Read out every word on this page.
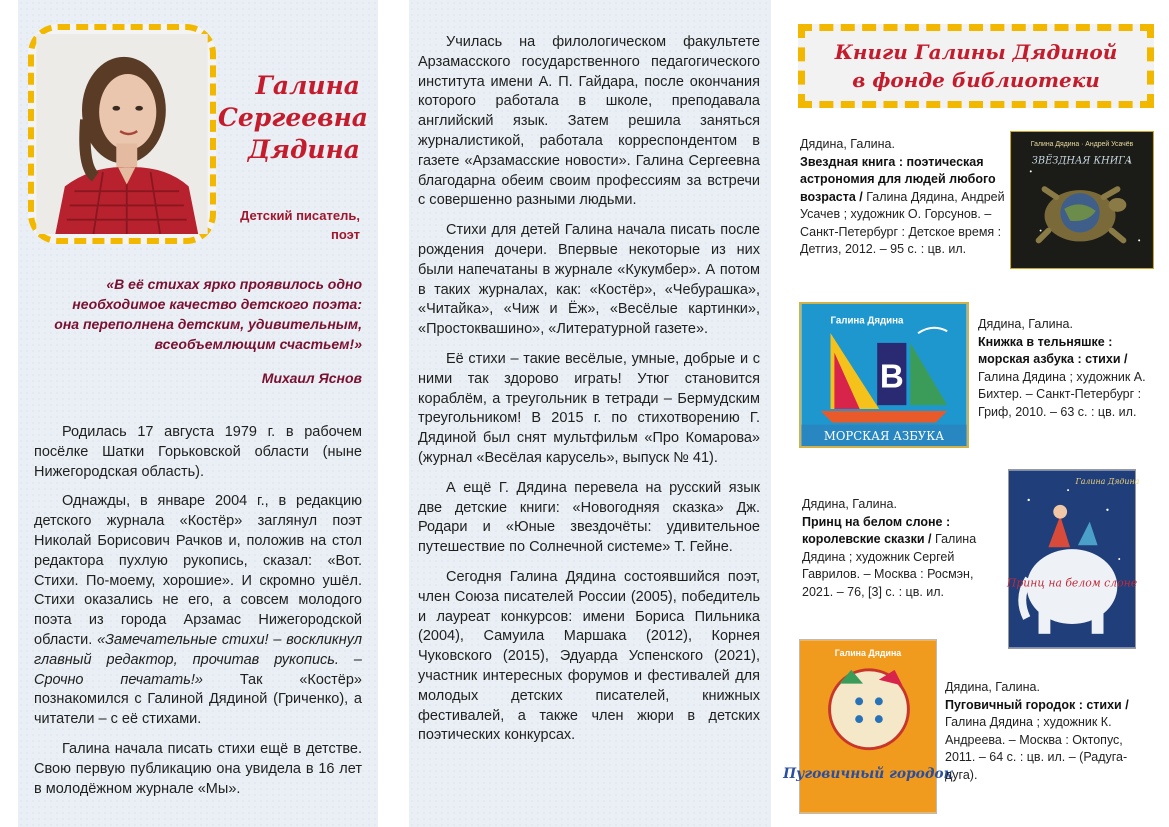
Галина
Сергеевна
Дядина
Детский писатель,
поэт
«В её стихах ярко проявилось одно
необходимое качество детского поэта:
она переполнена детским, удивительным,
всеобъемлющим счастьем!»
Михаил Яснов

Родилась 17 августа 1979 г. в рабочем посёлке Шатки Горьковской области (ныне Нижегородская область).

Однажды, в январе 2004 г., в редакцию детского журнала «Костёр» заглянул поэт Николай Борисович Рачков и, положив на стол редактора пухлую рукопись, сказал: «Вот. Стихи. По-моему, хорошие». И скромно ушёл. Стихи оказались не его, а совсем молодого поэта из города Арзамас Нижегородской области. «Замечательные стихи! – воскликнул главный редактор, прочитав рукопись. – Срочно печатать!» Так «Костёр» познакомился с Галиной Дядиной (Гриченко), а читатели – с её стихами.

Галина начала писать стихи ещё в детстве. Свою первую публикацию она увидела в 16 лет в молодёжном журнале «Мы».

Училась на филологическом факультете Арзамасского государственного педагогического института имени А. П. Гайдара, после окончания которого работала в школе, преподавала английский язык. Затем решила заняться журналистикой, работала корреспондентом в газете «Арзамасские новости». Галина Сергеевна благодарна обеим своим профессиям за встречи с совершенно разными людьми.

Стихи для детей Галина начала писать после рождения дочери. Впервые некоторые из них были напечатаны в журнале «Кукумбер». А потом в таких журналах, как: «Костёр», «Чебурашка», «Читайка», «Чиж и Ёж», «Весёлые картинки», «Простоквашино», «Литературной газете».

Её стихи – такие весёлые, умные, добрые и с ними так здорово играть! Утюг становится кораблём, а треугольник в тетради – Бермудским треугольником! В 2015 г. по стихотворению Г. Дядиной был снят мультфильм «Про Комарова» (журнал «Весёлая карусель», выпуск № 41).

А ещё Г. Дядина перевела на русский язык две детские книги: «Новогодняя сказка» Дж. Родари и «Юные звездочёты: удивительное путешествие по Солнечной системе» Т. Гейне.

Сегодня Галина Дядина состоявшийся поэт, член Союза писателей России (2005), победитель и лауреат конкурсов: имени Бориса Пильника (2004), Самуила Маршака (2012), Корнея Чуковского (2015), Эдуарда Успенского (2021), участник интересных форумов и фестивалей для молодых детских писателей, книжных фестивалей, а также член жюри в детских поэтических конкурсах.

Книги Галины Дядиной
в фонде библиотеки
Дядина, Галина.
Звездная книга : поэтическая астрономия для людей любого возраста / Галина Дядина, Андрей Усачев ; художник О. Горсунов. – Санкт-Петербург : Детское время : Детгиз, 2012. – 95 с. : цв. ил.
Галина Дядина · Андрей Усачёв
ЗВЁЗДНАЯ КНИГА
Галина Дядина
В
МОРСКАЯ АЗБУКА
Дядина, Галина.
Книжка в тельняшке : морская азбука : стихи / Галина Дядина ; художник А. Бихтер. – Санкт-Петербург : Гриф, 2010. – 63 с. : цв. ил.
Дядина, Галина.
Принц на белом слоне : королевские сказки / Галина Дядина ; художник Сергей Гаврилов. – Москва : Росмэн, 2021. – 76, [3] с. : цв. ил.
Галина Дядина
Принц на белом слоне
Галина Дядина
Пуговичный городок
Дядина, Галина.
Пуговичный городок : стихи / Галина Дядина ; художник К. Андреева. – Москва : Октопус, 2011. – 64 с. : цв. ил. – (Радуга-дуга).
